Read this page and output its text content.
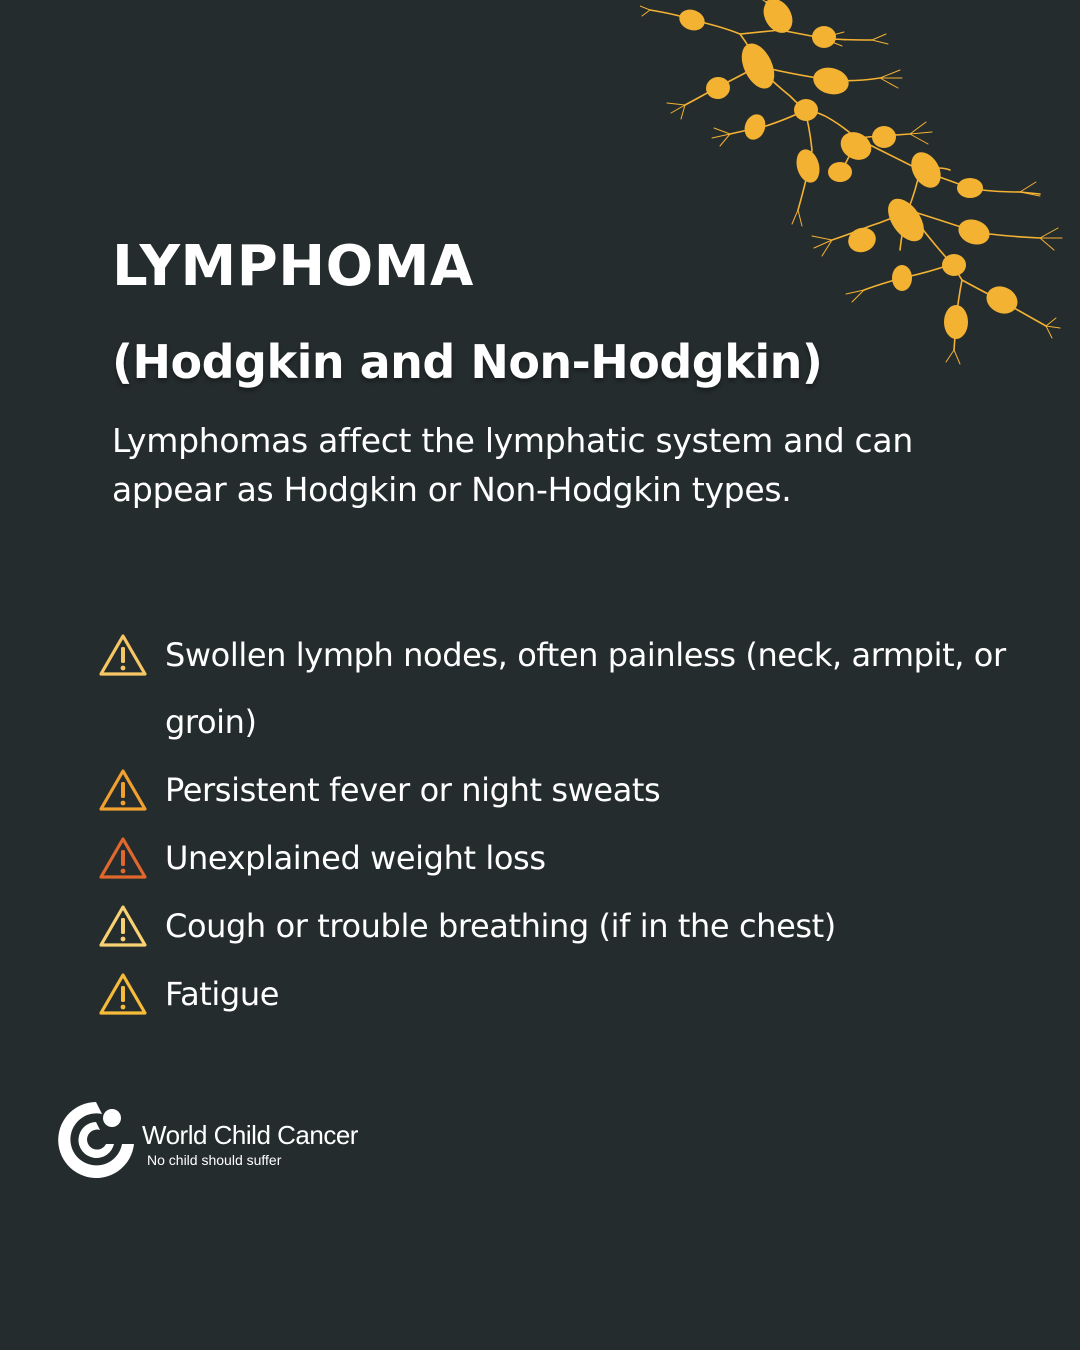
LYMPHOMA
(Hodgkin and Non-Hodgkin)

Lymphomas affect the lymphatic system and can appear as Hodgkin or Non-Hodgkin types.

Swollen lymph nodes, often painless (neck, armpit, or groin)
Persistent fever or night sweats
Unexplained weight loss
Cough or trouble breathing (if in the chest)
Fatigue
World Child Cancer
No child should suffer
